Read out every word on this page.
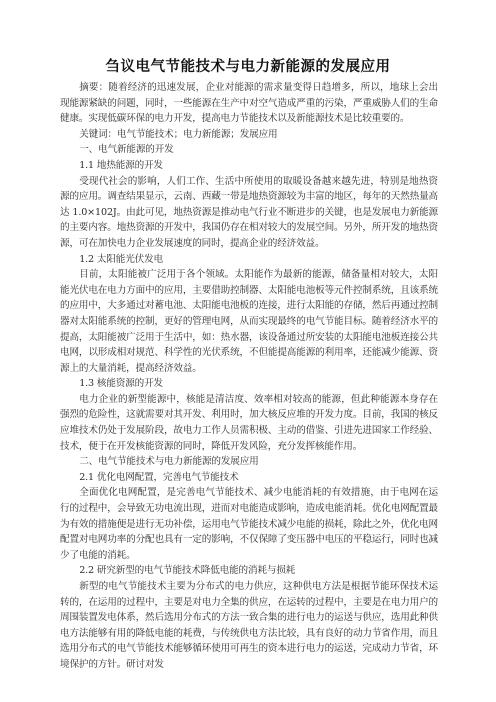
刍议电气节能技术与电力新能源的发展应用

摘要：随着经济的迅速发展，企业对能源的需求量变得日趋增多，所以，地球上会出现能源紧缺的问题，同时，一些能源在生产中对空气造成严重的污染，严重威胁人们的生命健康。实现低碳环保的电力开发，提高电力节能技术以及新能源技术是比较重要的。

关键词：电气节能技术；电力新能源；发展应用

一、电气新能源的开发
1.1 地热能源的开发

受现代社会的影响，人们工作、生活中所使用的取暖设备越来越先进，特别是地热资源的应用。调查结果显示，云南、西藏一带是地热资源较为丰富的地区，每年的天然热量高达 1.0×102J。由此可见，地热资源是推动电气行业不断进步的关键，也是发展电力新能源的主要内容。地热资源的开发中，我国仍存在相对较大的发展空间。另外，所开发的地热资源，可在加快电力企业发展速度的同时，提高企业的经济效益。

1.2 太阳能光伏发电

目前，太阳能被广泛用于各个领域。太阳能作为最新的能源，储备量相对较大，太阳能光伏电在电力方面中的应用，主要借助控制器、太阳能电池板等元件控制系统，且该系统的应用中，大多通过对蓄电池、太阳能电池板的连接，进行太阳能的存储，然后再通过控制器对太阳能系统的控制，更好的管理电网，从而实现最终的电气节能目标。随着经济水平的提高，太阳能被广泛用于生活中，如：热水器，该设备通过所安装的太阳能电池板连接公共电网，以形成相对规范、科学性的光伏系统，不但能提高能源的利用率，还能减少能源、资源上的大量消耗，提高经济效益。

1.3 核能资源的开发

电力企业的新型能源中，核能是清洁度、效率相对较高的能源，但此种能源本身存在强烈的危险性，这就需要对其开发、利用时，加大核反应堆的开发力度。目前，我国的核反应堆技术仍处于发展阶段，故电力工作人员需积极、主动的借鉴、引进先进国家工作经验、技术，便于在开发核能资源的同时，降低开发风险，充分发挥核能作用。

二、电气节能技术与电力新能源的发展应用
2.1 优化电网配置，完善电气节能技术

全面优化电网配置，是完善电气节能技术、减少电能消耗的有效措施，由于电网在运行的过程中，会导致无功电流出现，进而对电能造成影响，造成电能消耗。优化电网配置最为有效的措施便是进行无功补偿，运用电气节能技术减少电能的损耗，除此之外，优化电网配置对电网功率的分配也具有一定的影响，不仅保障了变压器中电压的平稳运行，同时也减少了电能的消耗。

2.2 研究新型的电气节能技术降低电能的消耗与损耗

新型的电气节能技术主要为分布式的电力供应，这种供电方法是根据节能环保技术运转的，在运用的过程中，主要是对电力全集的供应，在运转的过程中，主要是在电力用户的周围装置发电体系，然后选用分布式的方法一致合集的进行电力的运送与供应，选用此种供电方法能够有用的降低电能的耗费，与传统供电方法比较，具有良好的动力节省作用，而且选用分布式的电气节能技术能够循环使用可再生的资本进行电力的运送，完成动力节省，环境保护的方针。研讨对发
